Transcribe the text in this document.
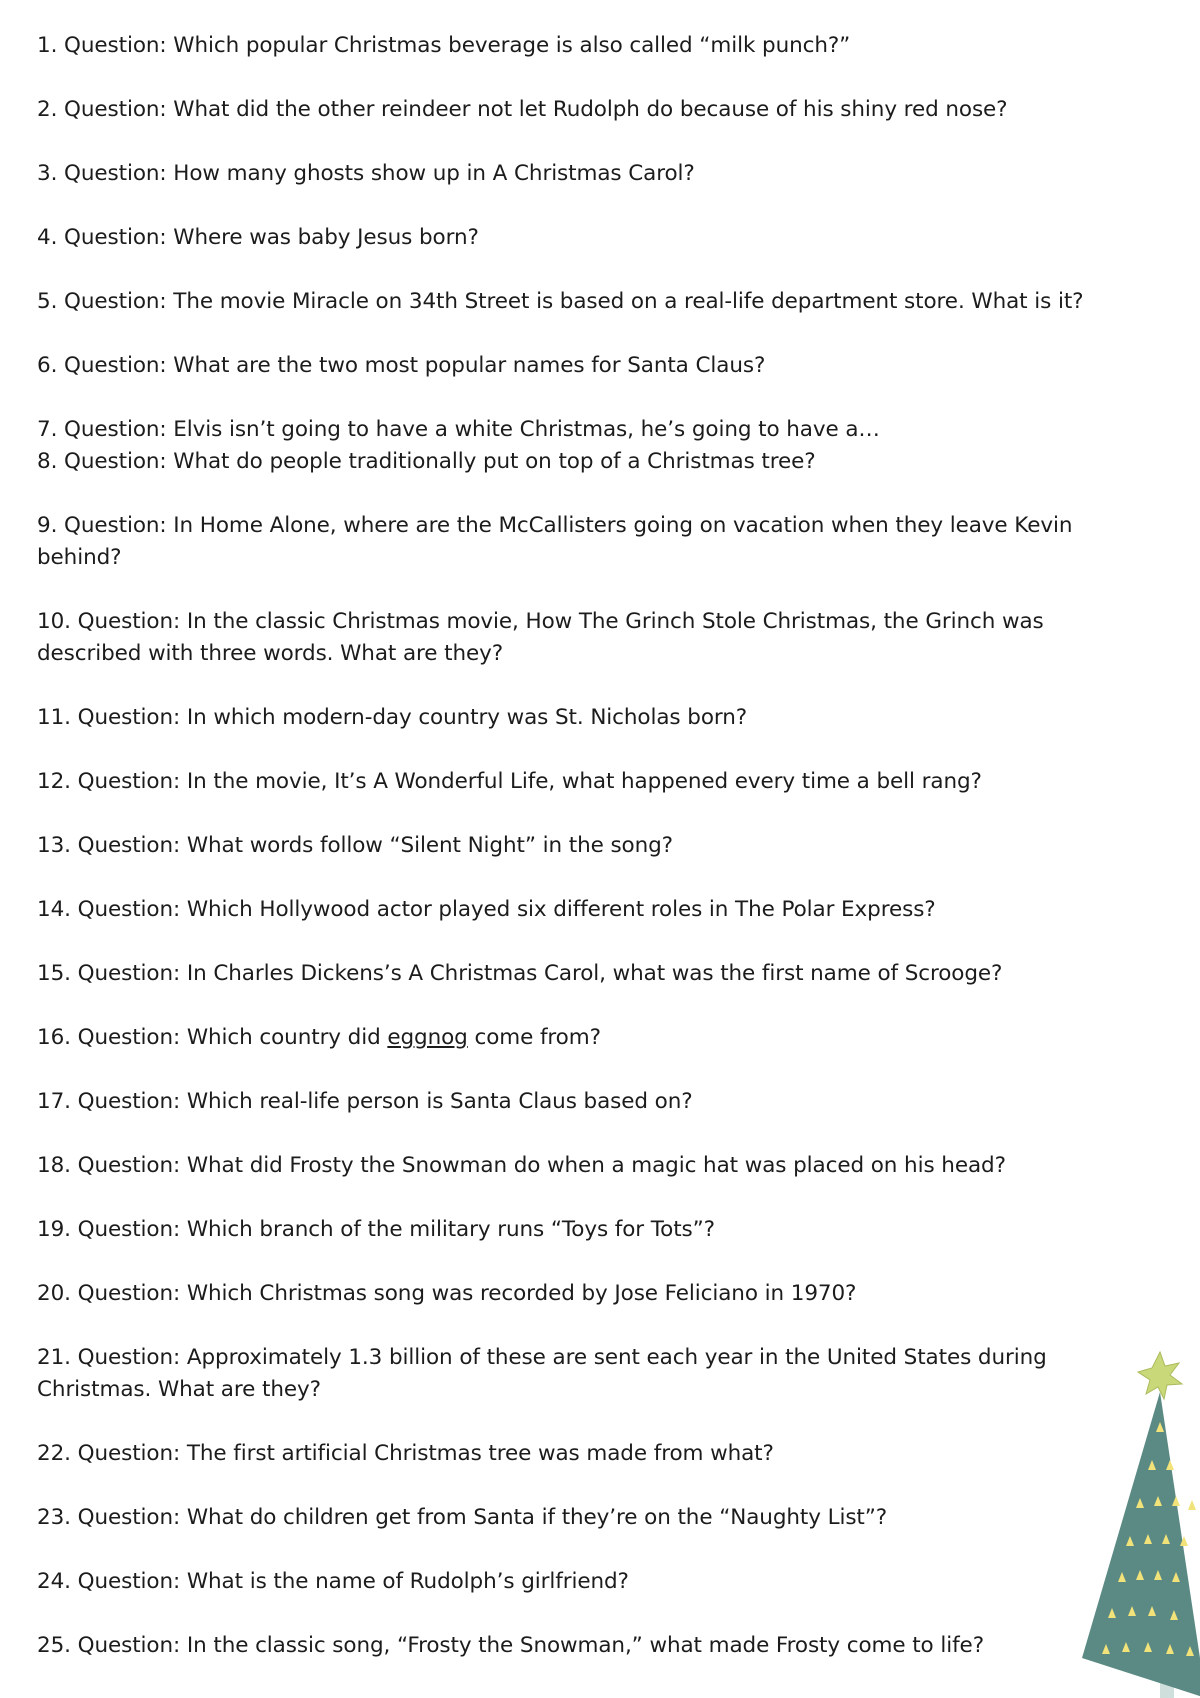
1. Question: Which popular Christmas beverage is also called “milk punch?”

2. Question: What did the other reindeer not let Rudolph do because of his shiny red nose?

3. Question: How many ghosts show up in A Christmas Carol?

4. Question: Where was baby Jesus born?

5. Question: The movie Miracle on 34th Street is based on a real-life department store. What is it?

6. Question: What are the two most popular names for Santa Claus?

7. Question: Elvis isn’t going to have a white Christmas, he’s going to have a…

8. Question: What do people traditionally put on top of a Christmas tree?

9. Question: In Home Alone, where are the McCallisters going on vacation when they leave Kevin behind?

10. Question: In the classic Christmas movie, How The Grinch Stole Christmas, the Grinch was described with three words. What are they?

11. Question: In which modern-day country was St. Nicholas born?

12. Question: In the movie, It’s A Wonderful Life, what happened every time a bell rang?

13. Question: What words follow “Silent Night” in the song?

14. Question: Which Hollywood actor played six different roles in The Polar Express?

15. Question: In Charles Dickens’s A Christmas Carol, what was the first name of Scrooge?

16. Question: Which country did eggnog come from?

17. Question: Which real-life person is Santa Claus based on?

18. Question: What did Frosty the Snowman do when a magic hat was placed on his head?

19. Question: Which branch of the military runs “Toys for Tots”?

20. Question: Which Christmas song was recorded by Jose Feliciano in 1970?

21. Question: Approximately 1.3 billion of these are sent each year in the United States during Christmas. What are they?

22. Question: The first artificial Christmas tree was made from what?

23. Question: What do children get from Santa if they’re on the “Naughty List”?

24. Question: What is the name of Rudolph’s girlfriend?

25. Question: In the classic song, “Frosty the Snowman,” what made Frosty come to life?
